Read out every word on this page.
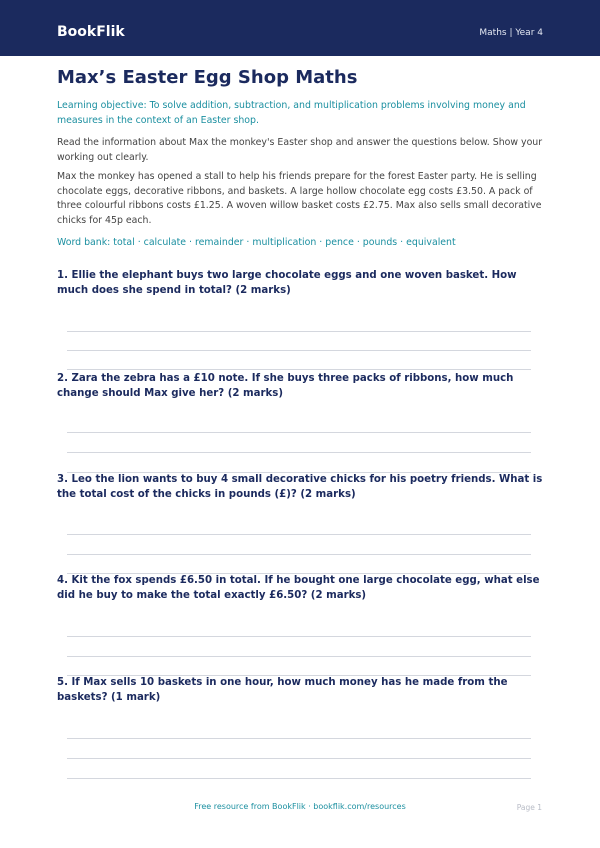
BookFlik	Maths | Year 4
Max’s Easter Egg Shop Maths

Learning objective: To solve addition, subtraction, and multiplication problems involving money and measures in the context of an Easter shop.

Read the information about Max the monkey's Easter shop and answer the questions below. Show your working out clearly.

Max the monkey has opened a stall to help his friends prepare for the forest Easter party. He is selling chocolate eggs, decorative ribbons, and baskets. A large hollow chocolate egg costs £3.50. A pack of three colourful ribbons costs £1.25. A woven willow basket costs £2.75. Max also sells small decorative chicks for 45p each.

Word bank: total · calculate · remainder · multiplication · pence · pounds · equivalent

1. Ellie the elephant buys two large chocolate eggs and one woven basket. How much does she spend in total? (2 marks)

2. Zara the zebra has a £10 note. If she buys three packs of ribbons, how much change should Max give her? (2 marks)

3. Leo the lion wants to buy 4 small decorative chicks for his poetry friends. What is the total cost of the chicks in pounds (£)? (2 marks)

4. Kit the fox spends £6.50 in total. If he bought one large chocolate egg, what else did he buy to make the total exactly £6.50? (2 marks)

5. If Max sells 10 baskets in one hour, how much money has he made from the baskets? (1 mark)

Free resource from BookFlik · bookflik.com/resources	Page 1
